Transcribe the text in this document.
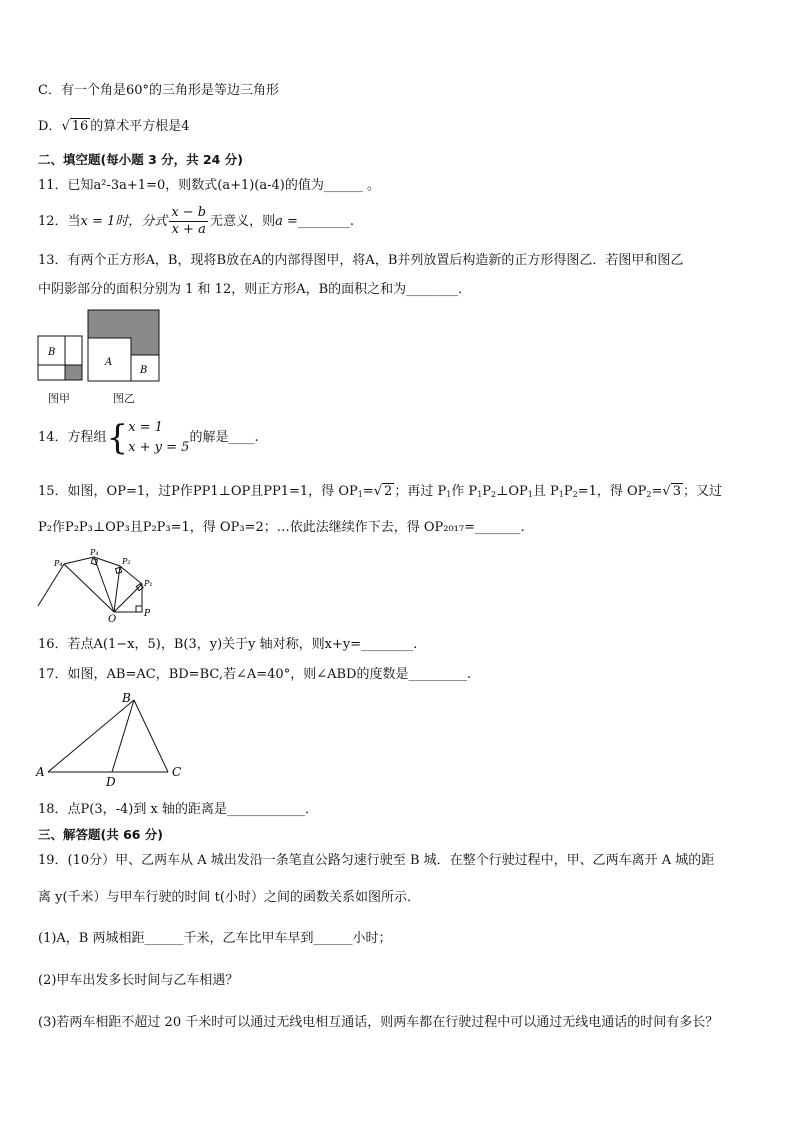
C．有一个角是60°的三角形是等边三角形
D．√ 16 的算术平方根是4
二、填空题(每小题 3 分，共 24 分)
11．已知a²-3a+1=0，则数式(a+1)(a-4)的值为______ 。
12．当x = 1时，分式 $\frac{x - b}{x + a}$ 无意义，则a =________.
13．有两个正方形A，B，现将B放在A的内部得图甲，将A，B并列放置后构造新的正方形得图乙．若图甲和图乙
中阴影部分的面积分别为 1 和 12，则正方形A，B的面积之和为________．
B
A
B
图甲	图乙
14．方程组{ x = 1
x + y = 5
的解是____.
15．如图，OP=1，过P作PP1⊥OP且PP1=1，得 $OP_1=√$ 2 ；再过 $P_1$作 $P_1P_2\perp OP_1$且 $P_1P_2=1$，得 $OP_2=√$ 3 ；又过
P₂作P₂P₃⊥OP₃且P₂P₃=1，得 OP₃=2；…依此法继续作下去，得 OP₂₀₁₇=_______.
O	P
P₁
P₂
P₄
P₄
16．若点A(1−x，5)，B(3，y)关于y 轴对称，则x+y=________.
17．如图，AB=AC，BD=BC,若∠A=40°，则∠ABD的度数是_________.
A
B
C
D
18．点P(3，-4)到 x 轴的距离是____________．
三、解答题(共 66 分)
19．(10分）甲、乙两车从 A 城出发沿一条笔直公路匀速行驶至 B 城．在整个行驶过程中，甲、乙两车离开 A 城的距
离 y(千米）与甲车行驶的时间 t(小时）之间的函数关系如图所示．
(1)A，B 两城相距______千米，乙车比甲车早到______小时；
(2)甲车出发多长时间与乙车相遇？
(3)若两车相距不超过 20 千米时可以通过无线电相互通话，则两车都在行驶过程中可以通过无线电通话的时间有多长？
